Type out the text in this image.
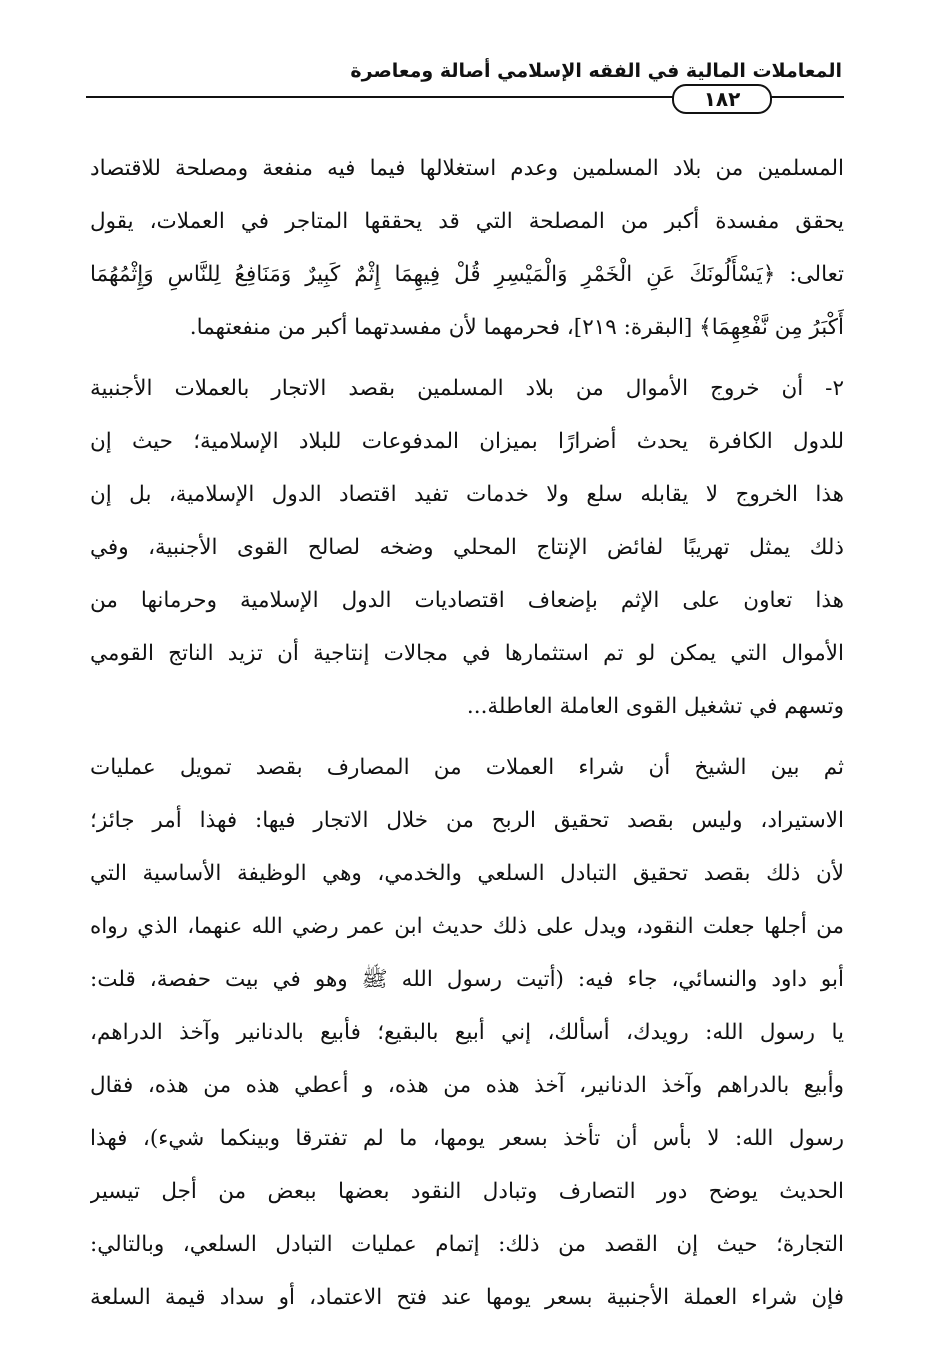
المعاملات المالية في الفقه الإسلامي أصالة ومعاصرة
١٨٢
المسلمين من بلاد المسلمين وعدم استغلالها فيما فيه منفعة ومصلحة للاقتصاد
يحقق مفسدة أكبر من المصلحة التي قد يحققها المتاجر في العملات، يقول
تعالى: ﴿يَسْأَلُونَكَ عَنِ الْخَمْرِ وَالْمَيْسِرِ قُلْ فِيهِمَا إِثْمٌ كَبِيرٌ وَمَنَافِعُ لِلنَّاسِ وَإِثْمُهُمَا
أَكْبَرُ مِن نَّفْعِهِمَا﴾ [البقرة: ٢١٩]، فحرمهما لأن مفسدتهما أكبر من منفعتهما.
٢- أن خروج الأموال من بلاد المسلمين بقصد الاتجار بالعملات الأجنبية
للدول الكافرة يحدث أضرارًا بميزان المدفوعات للبلاد الإسلامية؛ حيث إن
هذا الخروج لا يقابله سلع ولا خدمات تفيد اقتصاد الدول الإسلامية، بل إن
ذلك يمثل تهريبًا لفائض الإنتاج المحلي وضخه لصالح القوى الأجنبية، وفي
هذا تعاون على الإثم بإضعاف اقتصاديات الدول الإسلامية وحرمانها من
الأموال التي يمكن لو تم استثمارها في مجالات إنتاجية أن تزيد الناتج القومي
وتسهم في تشغيل القوى العاملة العاطلة...
ثم بين الشيخ أن شراء العملات من المصارف بقصد تمويل عمليات
الاستيراد، وليس بقصد تحقيق الربح من خلال الاتجار فيها: فهذا أمر جائز؛
لأن ذلك بقصد تحقيق التبادل السلعي والخدمي، وهي الوظيفة الأساسية التي
من أجلها جعلت النقود، ويدل على ذلك حديث ابن عمر رضي الله عنهما، الذي رواه
أبو داود والنسائي، جاء فيه: (أتيت رسول الله ﷺ وهو في بيت حفصة، قلت:
يا رسول الله: رويدك، أسألك، إني أبيع بالبقيع؛ فأبيع بالدنانير وآخذ الدراهم،
وأبيع بالدراهم وآخذ الدنانير، آخذ هذه من هذه، و أعطي هذه من هذه، فقال
رسول الله: لا بأس أن تأخذ بسعر يومها، ما لم تفترقا وبينكما شيء)، فهذا
الحديث يوضح دور التصارف وتبادل النقود بعضها ببعض من أجل تيسير
التجارة؛ حيث إن القصد من ذلك: إتمام عمليات التبادل السلعي، وبالتالي:
فإن شراء العملة الأجنبية بسعر يومها عند فتح الاعتماد، أو سداد قيمة السلعة
